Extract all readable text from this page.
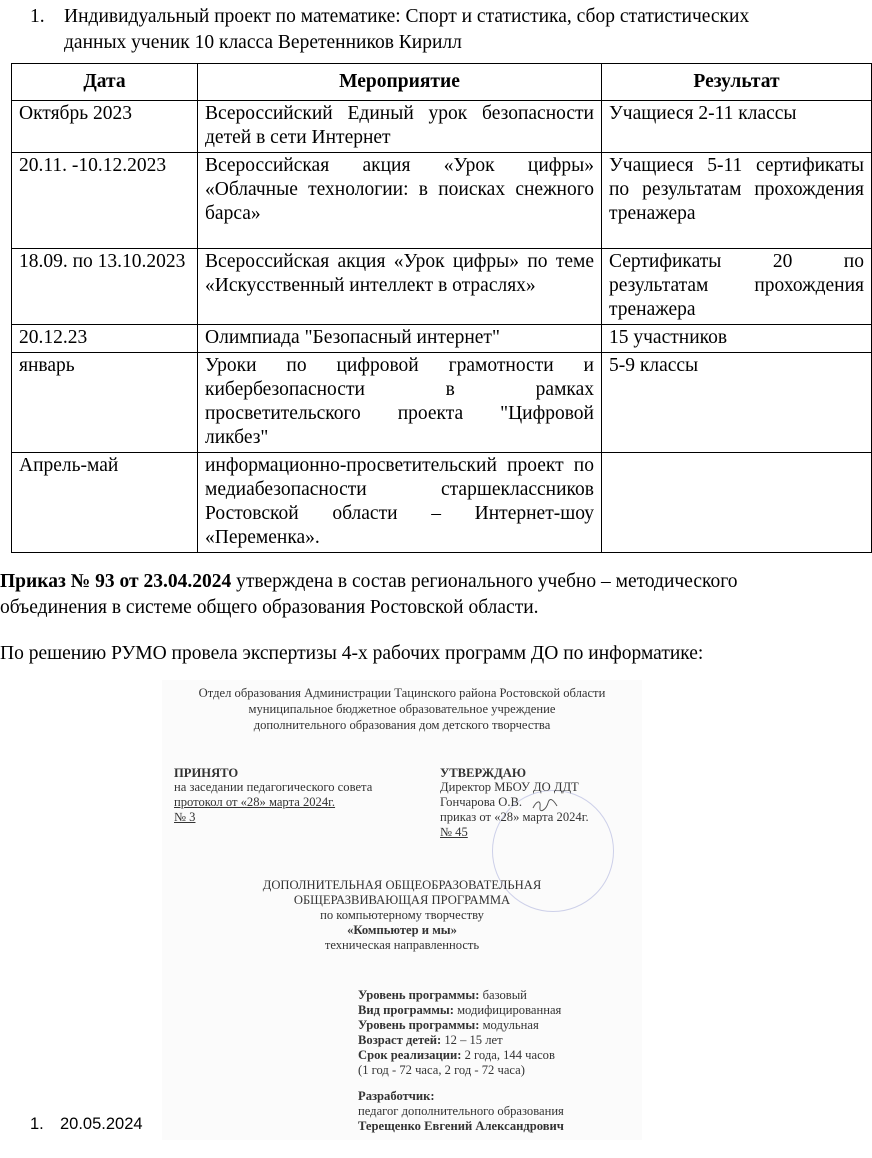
1. Индивидуальный проект по математике: Спорт и статистика, сбор статистических данных ученик 10 класса Веретенников Кирилл
Дата	Мероприятие	Результат
Октябрь 2023	Всероссийский Единый урок безопасности детей в сети Интернет	Учащиеся 2-11 классы
20.11. -10.12.2023	Всероссийская акция «Урок цифры» «Облачные технологии: в поисках снежного барса»	Учащиеся 5-11 сертификаты по результатам прохождения тренажера
18.09. по 13.10.2023	Всероссийская акция «Урок цифры» по теме «Искусственный интеллект в отраслях»	Сертификаты 20 по результатам прохождения тренажера
20.12.23	Олимпиада "Безопасный интернет"	15 участников
январь	Уроки по цифровой грамотности и кибербезопасности в рамках просветительского проекта "Цифровой ликбез"	5-9 классы
Апрель-май	информационно-просветительский проект по медиабезопасности старшеклассников Ростовской области – Интернет-шоу «Переменка».	
Приказ № 93 от 23.04.2024 утверждена в состав регионального учебно – методического объединения в системе общего образования Ростовской области.
По решению РУМО провела экспертизы 4-х рабочих программ ДО по информатике:
Отдел образования Администрации Тацинского района Ростовской области
муниципальное бюджетное образовательное учреждение
дополнительного образования дом детского творчества
ПРИНЯТО
на заседании педагогического совета
протокол от «28» марта 2024г.
№ 3
УТВЕРЖДАЮ
Директор МБОУ ДО ДДТ
Гончарова О.В.
приказ от «28» марта 2024г.
№ 45
ДОПОЛНИТЕЛЬНАЯ ОБЩЕОБРАЗОВАТЕЛЬНАЯ
ОБЩЕРАЗВИВАЮЩАЯ ПРОГРАММА
по компьютерному творчеству
«Компьютер и мы»
техническая направленность
Уровень программы: базовый
Вид программы: модифицированная
Уровень программы: модульная
Возраст детей: 12 – 15 лет
Срок реализации: 2 года, 144 часов
(1 год - 72 часа, 2 год - 72 часа)
Разработчик:
педагог дополнительного образования
Терещенко Евгений Александрович
1. 20.05.2024
